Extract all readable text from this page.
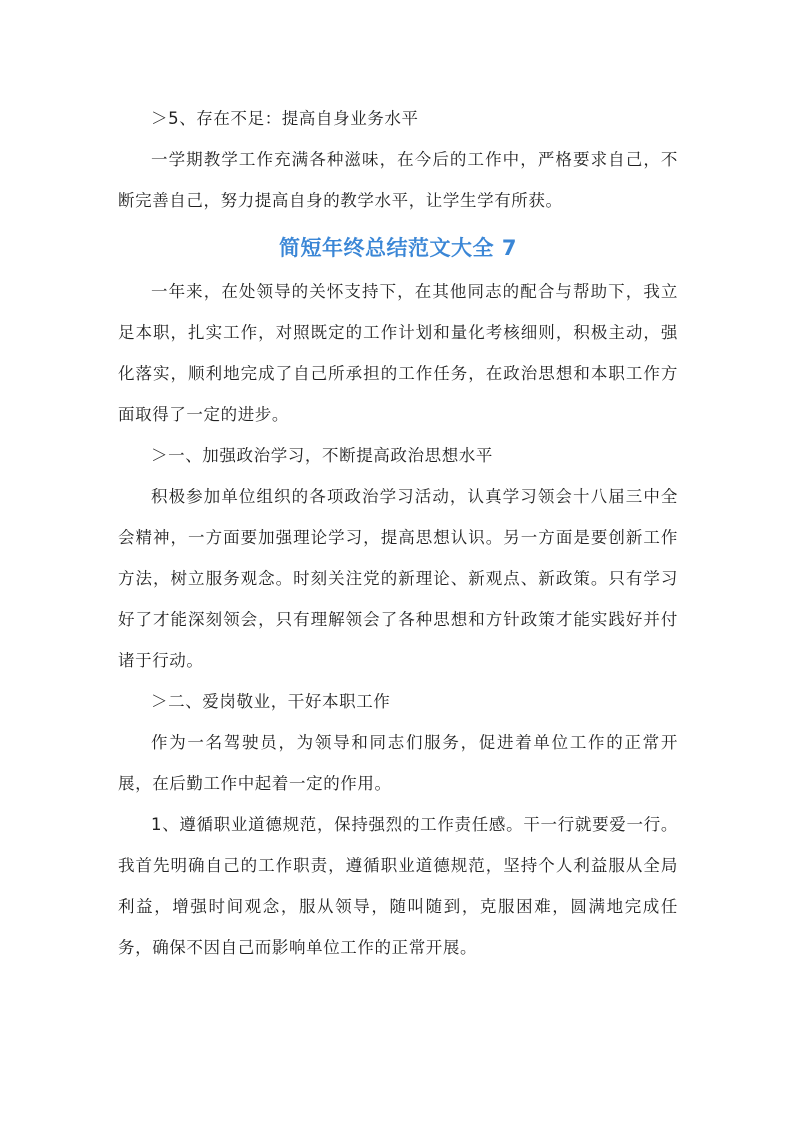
＞5、存在不足：提高自身业务水平

一学期教学工作充满各种滋味，在今后的工作中，严格要求自己，不断完善自己，努力提高自身的教学水平，让学生学有所获。

简短年终总结范文大全 7

一年来，在处领导的关怀支持下，在其他同志的配合与帮助下，我立足本职，扎实工作，对照既定的工作计划和量化考核细则，积极主动，强化落实，顺利地完成了自己所承担的工作任务，在政治思想和本职工作方面取得了一定的进步。

＞一、加强政治学习，不断提高政治思想水平

积极参加单位组织的各项政治学习活动，认真学习领会十八届三中全会精神，一方面要加强理论学习，提高思想认识。另一方面是要创新工作方法，树立服务观念。时刻关注党的新理论、新观点、新政策。只有学习好了才能深刻领会，只有理解领会了各种思想和方针政策才能实践好并付诸于行动。

＞二、爱岗敬业，干好本职工作

作为一名驾驶员，为领导和同志们服务，促进着单位工作的正常开展，在后勤工作中起着一定的作用。

1、遵循职业道德规范，保持强烈的工作责任感。干一行就要爱一行。我首先明确自己的工作职责，遵循职业道德规范，坚持个人利益服从全局利益，增强时间观念，服从领导，随叫随到，克服困难，圆满地完成任务，确保不因自己而影响单位工作的正常开展。
